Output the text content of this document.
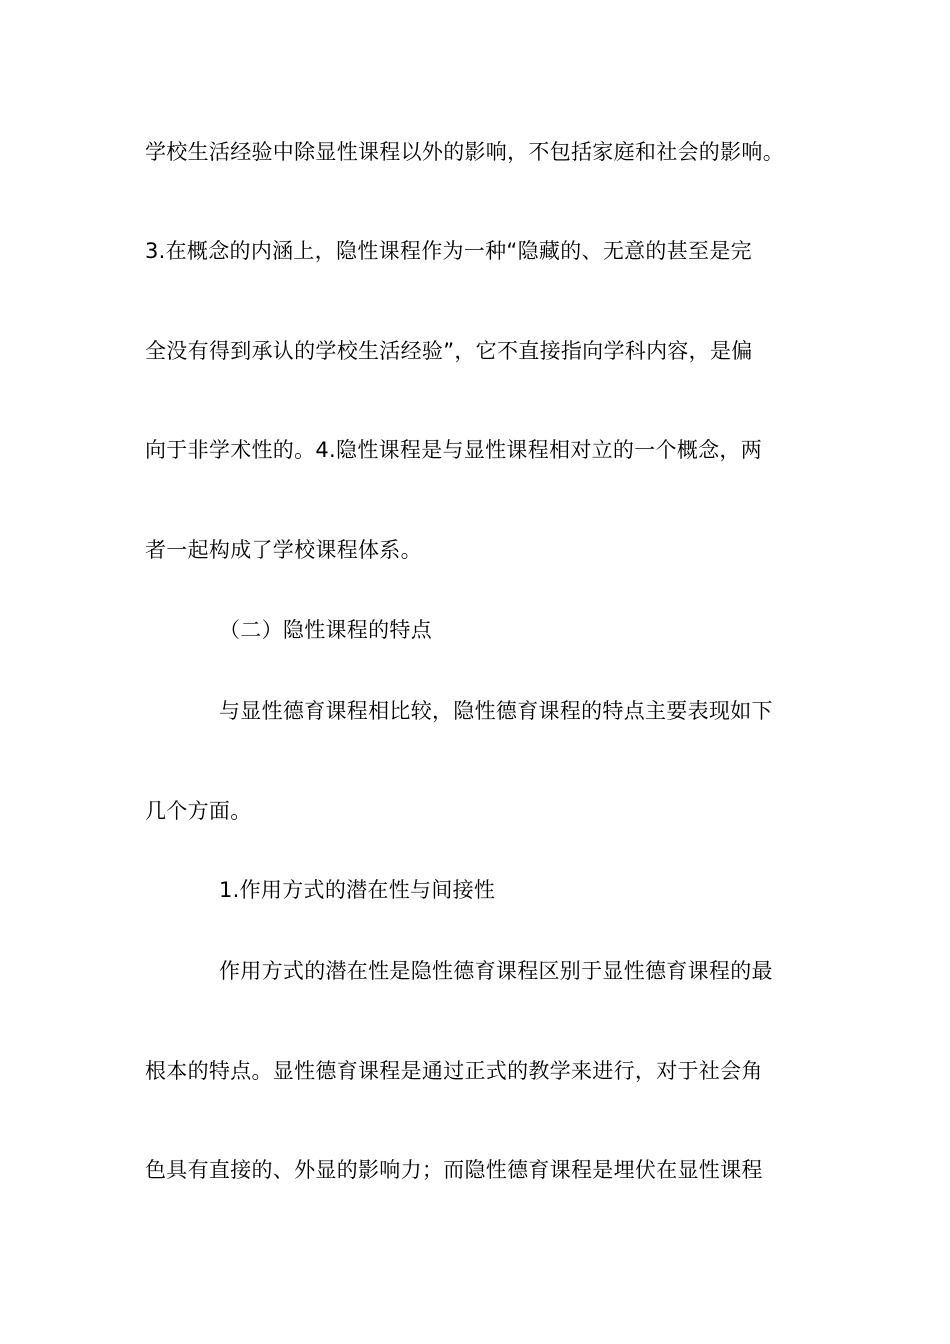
学校生活经验中除显性课程以外的影响，不包括家庭和社会的影响。
3.在概念的内涵上，隐性课程作为一种“隐藏的、无意的甚至是完
全没有得到承认的学校生活经验”，它不直接指向学科内容，是偏
向于非学术性的。4.隐性课程是与显性课程相对立的一个概念，两
者一起构成了学校课程体系。
（二）隐性课程的特点
与显性德育课程相比较，隐性德育课程的特点主要表现如下
几个方面。
1.作用方式的潜在性与间接性
作用方式的潜在性是隐性德育课程区别于显性德育课程的最
根本的特点。显性德育课程是通过正式的教学来进行，对于社会角
色具有直接的、外显的影响力；而隐性德育课程是埋伏在显性课程
